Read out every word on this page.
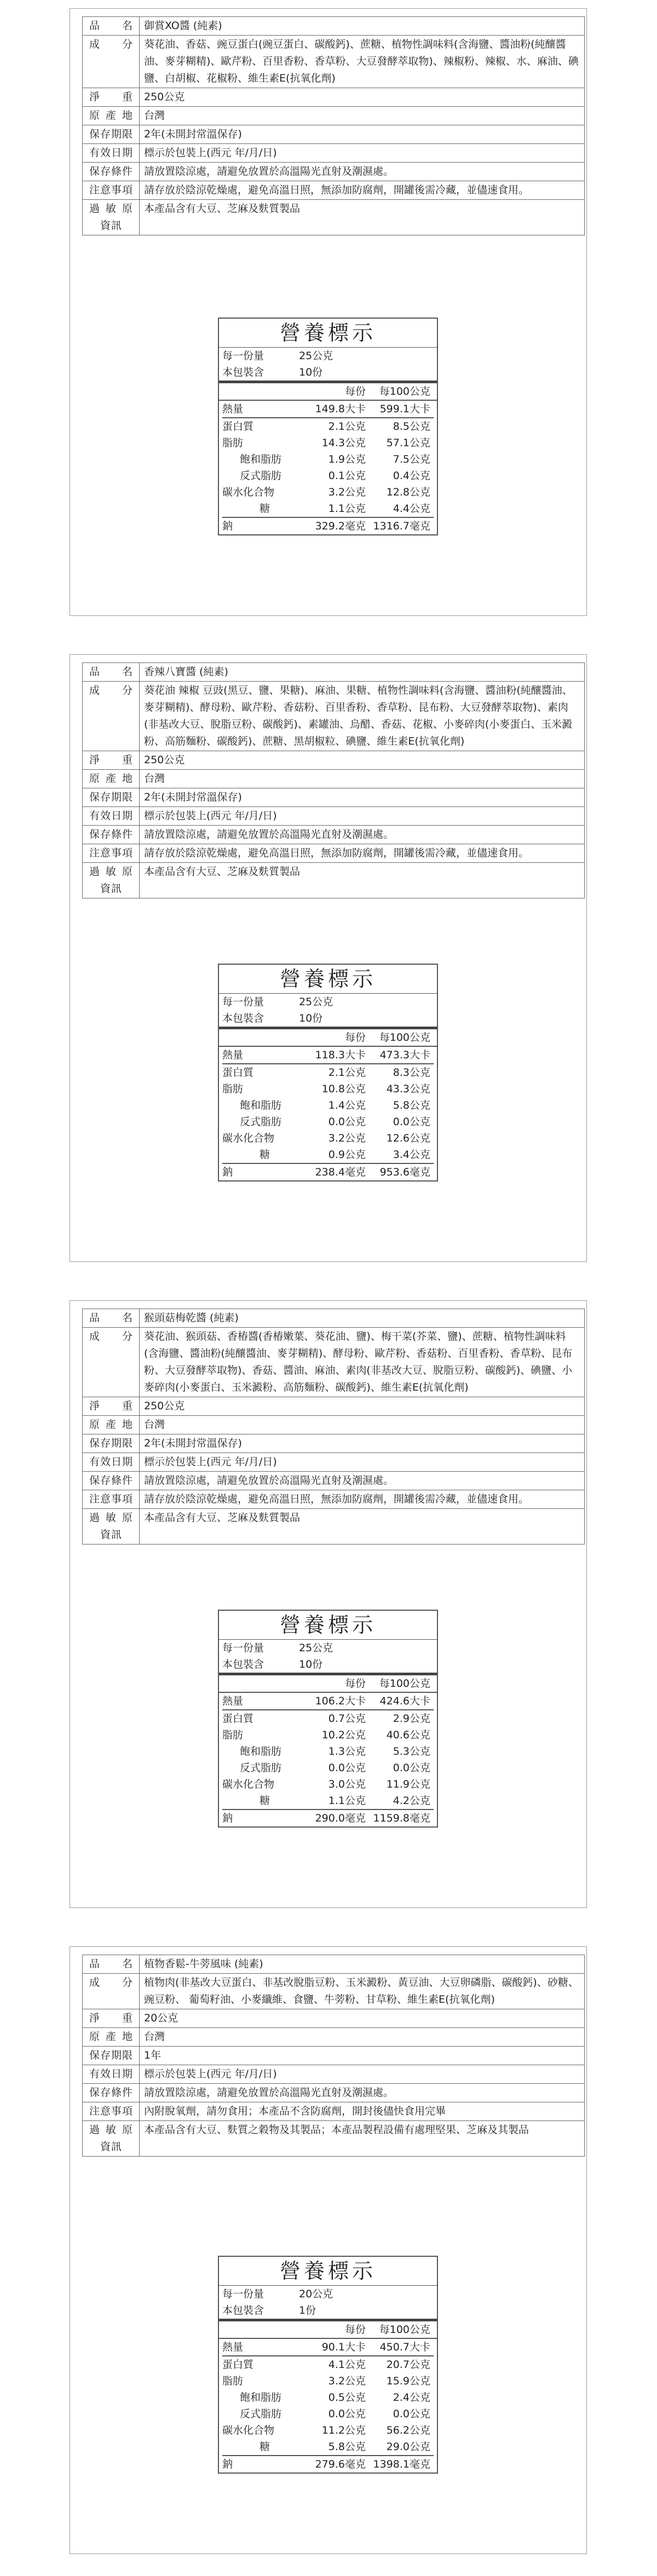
品名	御賞XO醬 (純素)
成分	葵花油、香菇、豌豆蛋白(豌豆蛋白、碳酸鈣)、蔗糖、植物性調味料(含海鹽、醬油粉(純釀醬油、麥芽糊精)、歐芹粉、百里香粉、香草粉、大豆發酵萃取物)、辣椒粉、辣椒、水、麻油、碘鹽、白胡椒、花椒粉、維生素E(抗氧化劑)
淨重	250公克
原產地	台灣
保存期限	2年(未開封常溫保存)
有效日期	標示於包裝上(西元 年/月/日)
保存條件	請放置陰涼處，請避免放置於高溫陽光直射及潮濕處。
注意事項	請存放於陰涼乾燥處，避免高溫日照，無添加防腐劑，開罐後需冷藏，並儘速食用。

過敏原
資訊	本產品含有大豆、芝麻及麩質製品
營養標示
每一份量	25公克
本包裝含	10份
每份	每100公克
熱量	149.8大卡	599.1大卡
蛋白質	2.1公克	8.5公克
脂肪	14.3公克	57.1公克
飽和脂肪	1.9公克	7.5公克
反式脂肪	0.1公克	0.4公克
碳水化合物	3.2公克	12.8公克
糖	1.1公克	4.4公克
鈉	329.2毫克 1316.7毫克
品名	香辣八寶醬 (純素)
成分	葵花油 辣椒 豆豉(黑豆、鹽、果糖)、麻油、果糖、植物性調味料(含海鹽、醬油粉(純釀醬油、麥芽糊精)、酵母粉、歐芹粉、香菇粉、百里香粉、香草粉、昆布粉、大豆發酵萃取物)、素肉(非基改大豆、脫脂豆粉、碳酸鈣)、素罐油、烏醋、香菇、花椒、小麥碎肉(小麥蛋白、玉米澱粉、高筋麵粉、碳酸鈣)、蔗糖、黑胡椒粒、碘鹽、維生素E(抗氧化劑)
淨重	250公克
原產地	台灣
保存期限	2年(未開封常溫保存)
有效日期	標示於包裝上(西元 年/月/日)
保存條件	請放置陰涼處，請避免放置於高溫陽光直射及潮濕處。
注意事項	請存放於陰涼乾燥處，避免高溫日照，無添加防腐劑，開罐後需冷藏，並儘速食用。

過敏原
資訊	本產品含有大豆、芝麻及麩質製品
營養標示
每一份量	25公克
本包裝含	10份
每份	每100公克
熱量	118.3大卡	473.3大卡
蛋白質	2.1公克	8.3公克
脂肪	10.8公克	43.3公克
飽和脂肪	1.4公克	5.8公克
反式脂肪	0.0公克	0.0公克
碳水化合物	3.2公克	12.6公克
糖	0.9公克	3.4公克
鈉	238.4毫克	953.6毫克
品名	猴頭菇梅乾醬 (純素)
成分	葵花油、猴頭菇、香椿醬(香椿嫩葉、葵花油、鹽)、梅干菜(芥菜、鹽)、蔗糖、植物性調味料(含海鹽、醬油粉(純釀醬油、麥芽糊精)、酵母粉、歐芹粉、香菇粉、百里香粉、香草粉、昆布粉、大豆發酵萃取物)、香菇、醬油、麻油、素肉(非基改大豆、脫脂豆粉、碳酸鈣)、碘鹽、小麥碎肉(小麥蛋白、玉米澱粉、高筋麵粉、碳酸鈣)、維生素E(抗氧化劑)
淨重	250公克
原產地	台灣
保存期限	2年(未開封常溫保存)
有效日期	標示於包裝上(西元 年/月/日)
保存條件	請放置陰涼處，請避免放置於高溫陽光直射及潮濕處。
注意事項	請存放於陰涼乾燥處，避免高溫日照，無添加防腐劑，開罐後需冷藏，並儘速食用。

過敏原
資訊	本產品含有大豆、芝麻及麩質製品
營養標示
每一份量	25公克
本包裝含	10份
每份	每100公克
熱量	106.2大卡	424.6大卡
蛋白質	0.7公克	2.9公克
脂肪	10.2公克	40.6公克
飽和脂肪	1.3公克	5.3公克
反式脂肪	0.0公克	0.0公克
碳水化合物	3.0公克	11.9公克
糖	1.1公克	4.2公克
鈉	290.0毫克 1159.8毫克
品名	植物香鬆-牛蒡風味 (純素)
成分	植物肉(非基改大豆蛋白、非基改脫脂豆粉、玉米澱粉、黃豆油、大豆卵磷脂、碳酸鈣)、砂糖、豌豆粉、 葡萄籽油、小麥纖維、食鹽、牛蒡粉、甘草粉、維生素E(抗氧化劑)
淨重	20公克
原產地	台灣
保存期限	1年
有效日期	標示於包裝上(西元 年/月/日)
保存條件	請放置陰涼處，請避免放置於高溫陽光直射及潮濕處。
注意事項	內附脫氧劑，請勿食用；本產品不含防腐劑，開封後儘快食用完畢

過敏原
資訊	本產品含有大豆、麩質之穀物及其製品；本產品製程設備有處理堅果、芝麻及其製品
營養標示
每一份量	20公克
本包裝含	1份
每份	每100公克
熱量	90.1大卡	450.7大卡
蛋白質	4.1公克	20.7公克
脂肪	3.2公克	15.9公克
飽和脂肪	0.5公克	2.4公克
反式脂肪	0.0公克	0.0公克
碳水化合物	11.2公克	56.2公克
糖	5.8公克	29.0公克
鈉	279.6毫克 1398.1毫克
